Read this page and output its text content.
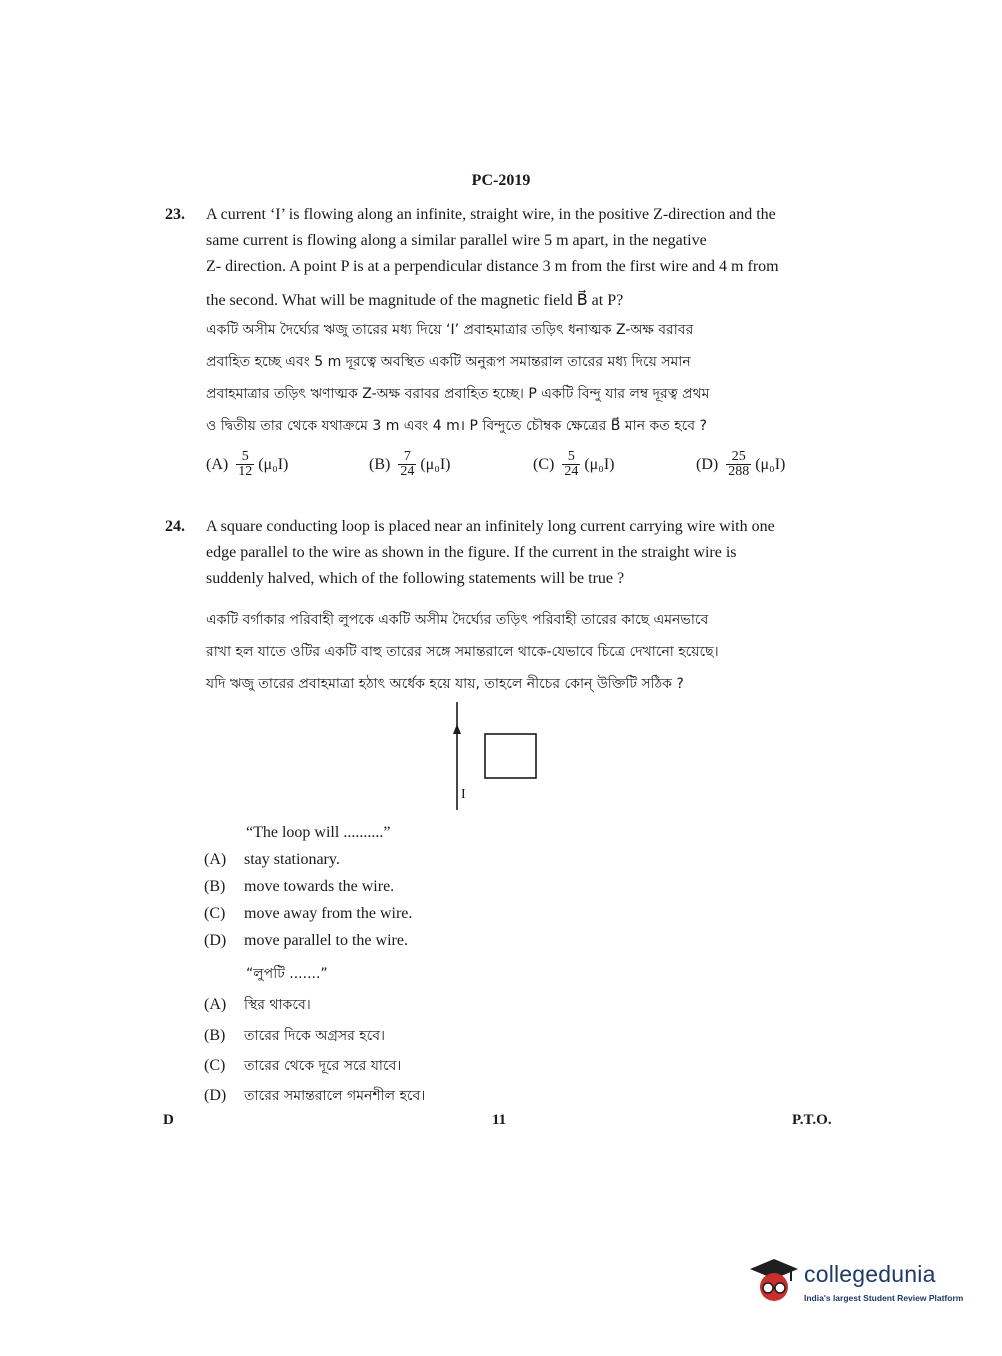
PC-2019
23. A current ‘I’ is flowing along an infinite, straight wire, in the positive Z-direction and the
same current is flowing along a similar parallel wire 5 m apart, in the negative
Z- direction. A point P is at a perpendicular distance 3 m from the first wire and 4 m from
the second. What will be magnitude of the magnetic field B⃗ at P?
একটি অসীম দৈর্ঘ্যের ঋজু তারের মধ্য দিয়ে ‘I’ প্রবাহমাত্রার তড়িৎ ধনাত্মক Z-অক্ষ বরাবর
প্রবাহিত হচ্ছে এবং 5 m দূরত্বে অবস্থিত একটি অনুরূপ সমান্তরাল তারের মধ্য দিয়ে সমান
প্রবাহমাত্রার তড়িৎ ঋণাত্মক Z-অক্ষ বরাবর প্রবাহিত হচ্ছে। P একটি বিন্দু যার লম্ব দূরত্ব প্রথম
ও দ্বিতীয় তার থেকে যথাক্রমে 3 m এবং 4 m। P বিন্দুতে চৌম্বক ক্ষেত্রের B⃗ মান কত হবে ?
$(A) \frac{5}{12} (\mu_0I)$	$(B) \frac{7}{24} (\mu_0I)$	$(C) \frac{5}{24} (\mu_0I)$	$(D) \frac{25}{288} (\mu_0I)$
24. A square conducting loop is placed near an infinitely long current carrying wire with one
edge parallel to the wire as shown in the figure. If the current in the straight wire is
suddenly halved, which of the following statements will be true ?
একটি বর্গাকার পরিবাহী লুপকে একটি অসীম দৈর্ঘ্যের তড়িৎ পরিবাহী তারের কাছে এমনভাবে
রাখা হল যাতে ওটির একটি বাহু তারের সঙ্গে সমান্তরালে থাকে-যেভাবে চিত্রে দেখানো হয়েছে।
যদি ঋজু তারের প্রবাহমাত্রা হঠাৎ অর্ধেক হয়ে যায়, তাহলে নীচের কোন্ উক্তিটি সঠিক ?
I
“The loop will ..........”
(A) stay stationary.
(B) move towards the wire.
(C) move away from the wire.
(D) move parallel to the wire.
“লুপটি .......”
(A) স্থির থাকবে।
(B) তারের দিকে অগ্রসর হবে।
(C) তারের থেকে দূরে সরে যাবে।
(D) তারের সমান্তরালে গমনশীল হবে।
D	11	P.T.O.
collegedunia
India's largest Student Review Platform
